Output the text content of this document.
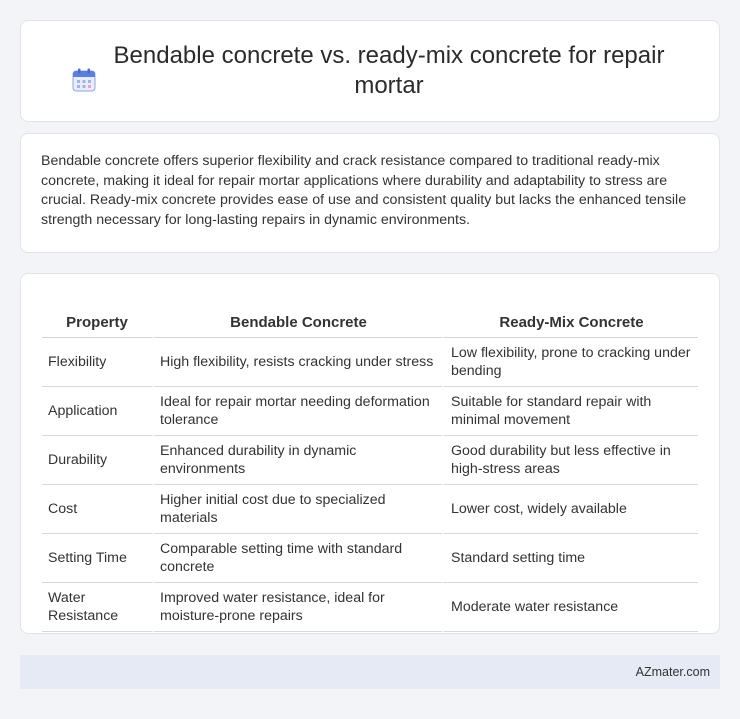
Bendable concrete vs. ready-mix concrete for repair mortar

Bendable concrete offers superior flexibility and crack resistance compared to traditional ready-mix concrete, making it ideal for repair mortar applications where durability and adaptability to stress are crucial. Ready-mix concrete provides ease of use and consistent quality but lacks the enhanced tensile strength necessary for long-lasting repairs in dynamic environments.

Property	Bendable Concrete	Ready-Mix Concrete
Flexibility	High flexibility, resists cracking under stress	Low flexibility, prone to cracking under bending
Application	Ideal for repair mortar needing deformation tolerance	Suitable for standard repair with minimal movement
Durability	Enhanced durability in dynamic environments	Good durability but less effective in high-stress areas
Cost	Higher initial cost due to specialized materials	Lower cost, widely available
Setting Time	Comparable setting time with standard concrete	Standard setting time
Water Resistance	Improved water resistance, ideal for moisture-prone repairs	Moderate water resistance
AZmater.com
